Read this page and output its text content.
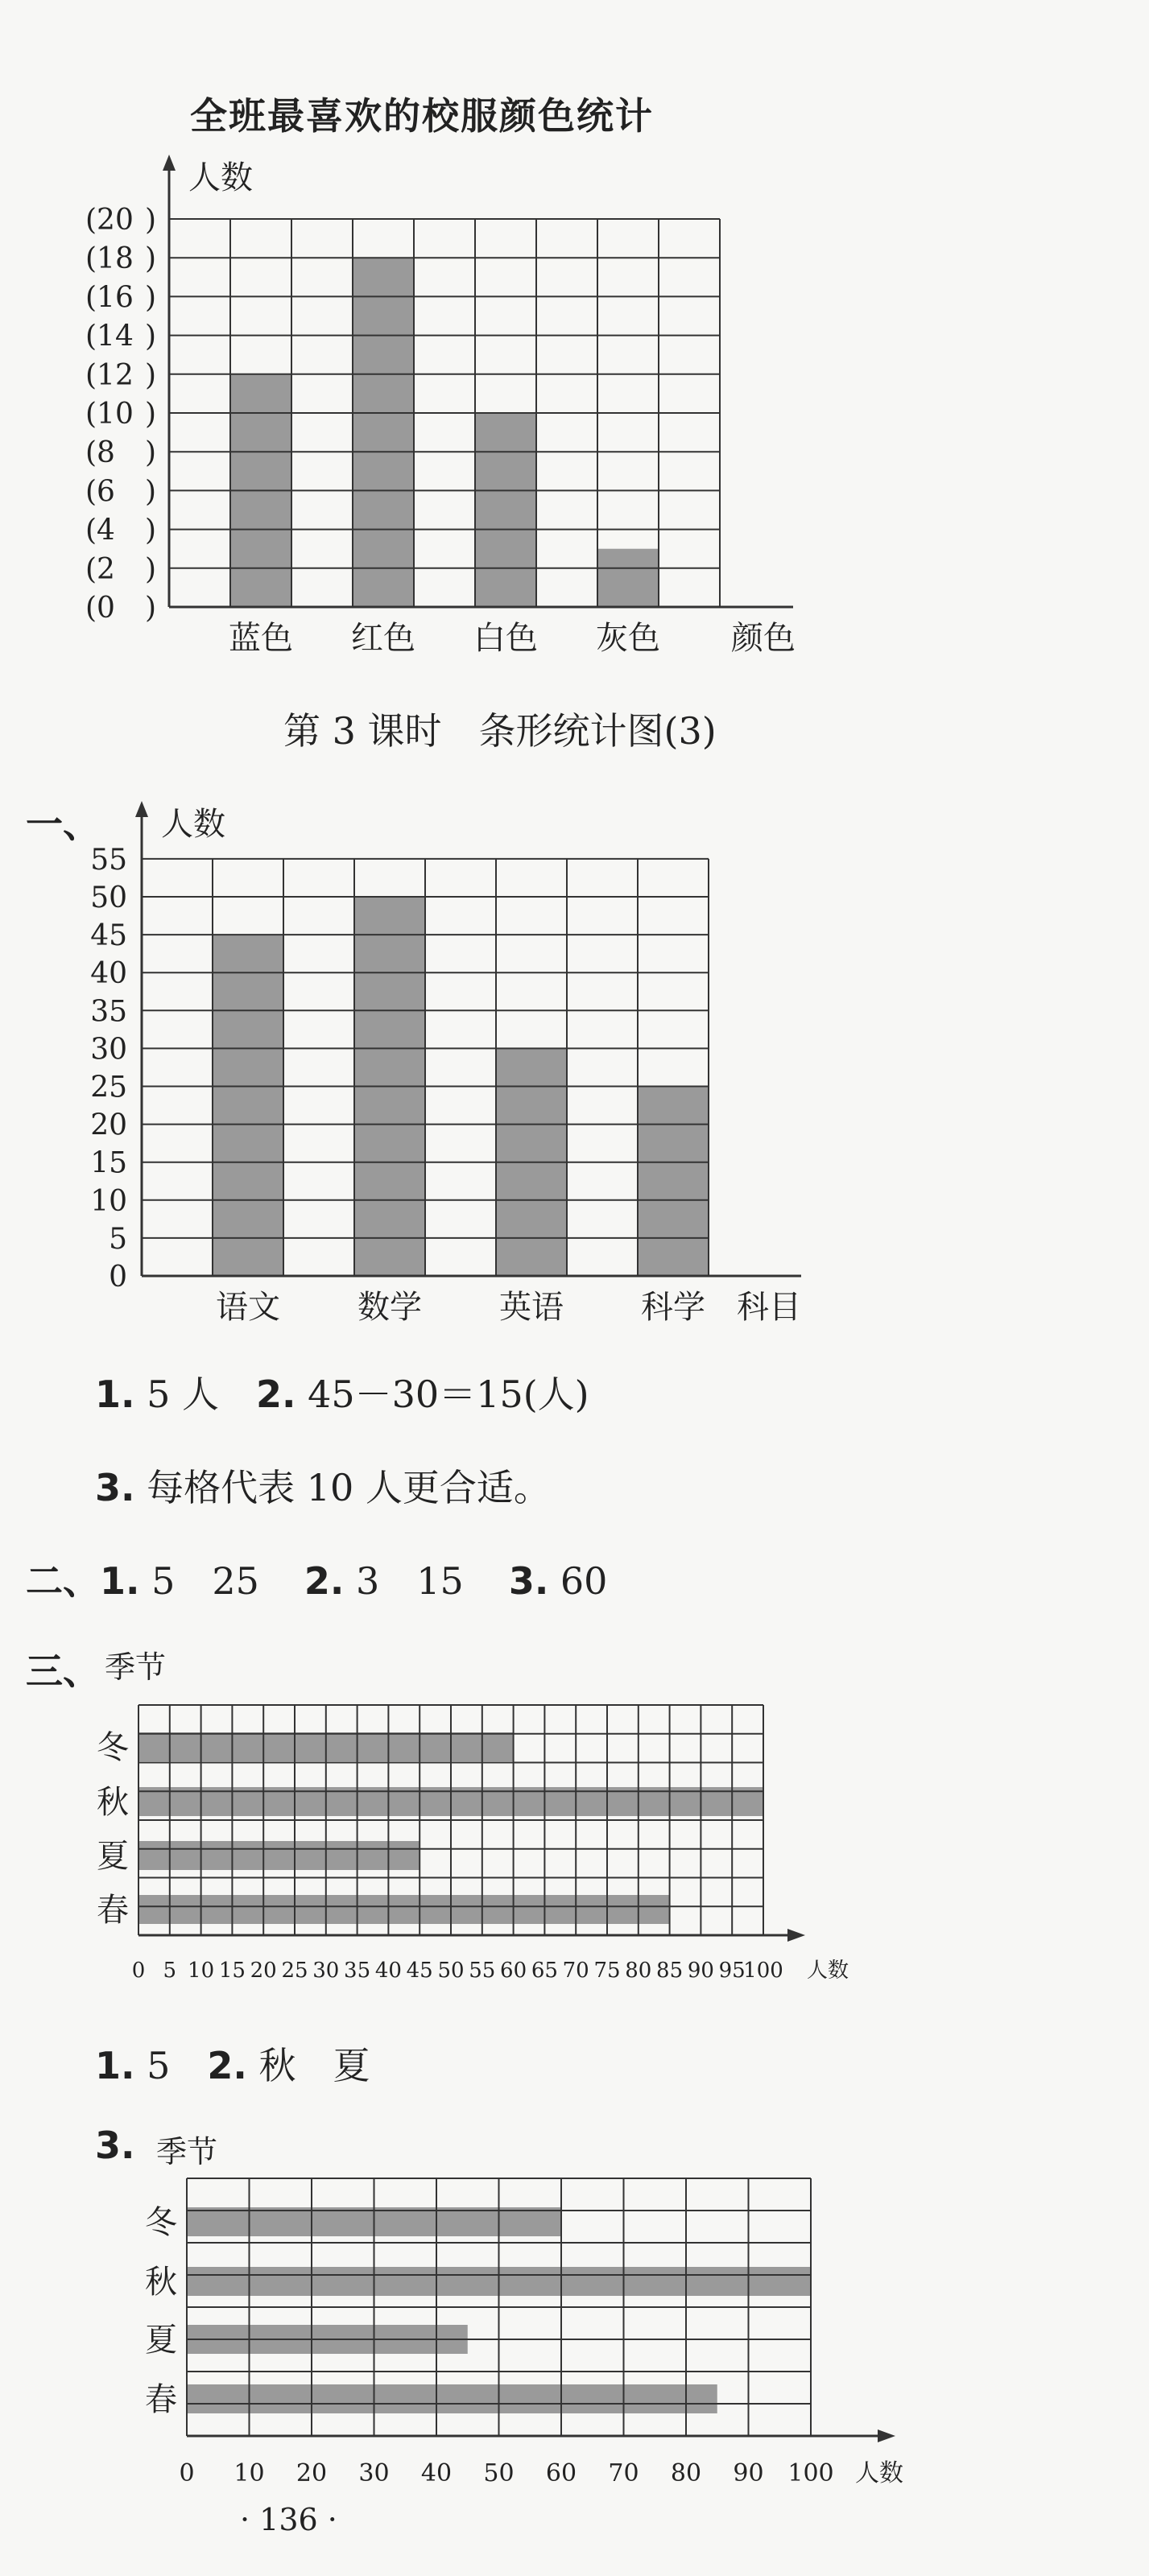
全班最喜欢的校服颜色统计
人数
(0 )
(2 )
(4 )
(6 )
(8 )
(10 )
(12 )
(14 )
(16 )
(18 )
(20 )
蓝色 红色 白色 灰色 颜色
第 3 课时　条形统计图(3)
一、 人数
0
5
10
15
20
25
30
35
40
45
50
55
语文 数学 英语 科学 科目
1. 5 人 2. 45－30＝15(人)
3. 每格代表 10 人更合适。
二、1. 5　25 2. 3　15 3. 60
三、
冬
秋
夏
春
季节
0 5 10 15 20 25 30 35 40 45 50 55 60 65 70 75 80 85 90 95
100 人数
1. 5 2. 秋　夏
3.
冬
秋
夏
春
季节
0 10 20 30 40 50 60 70 80 90 100 人数
· 136 ·
